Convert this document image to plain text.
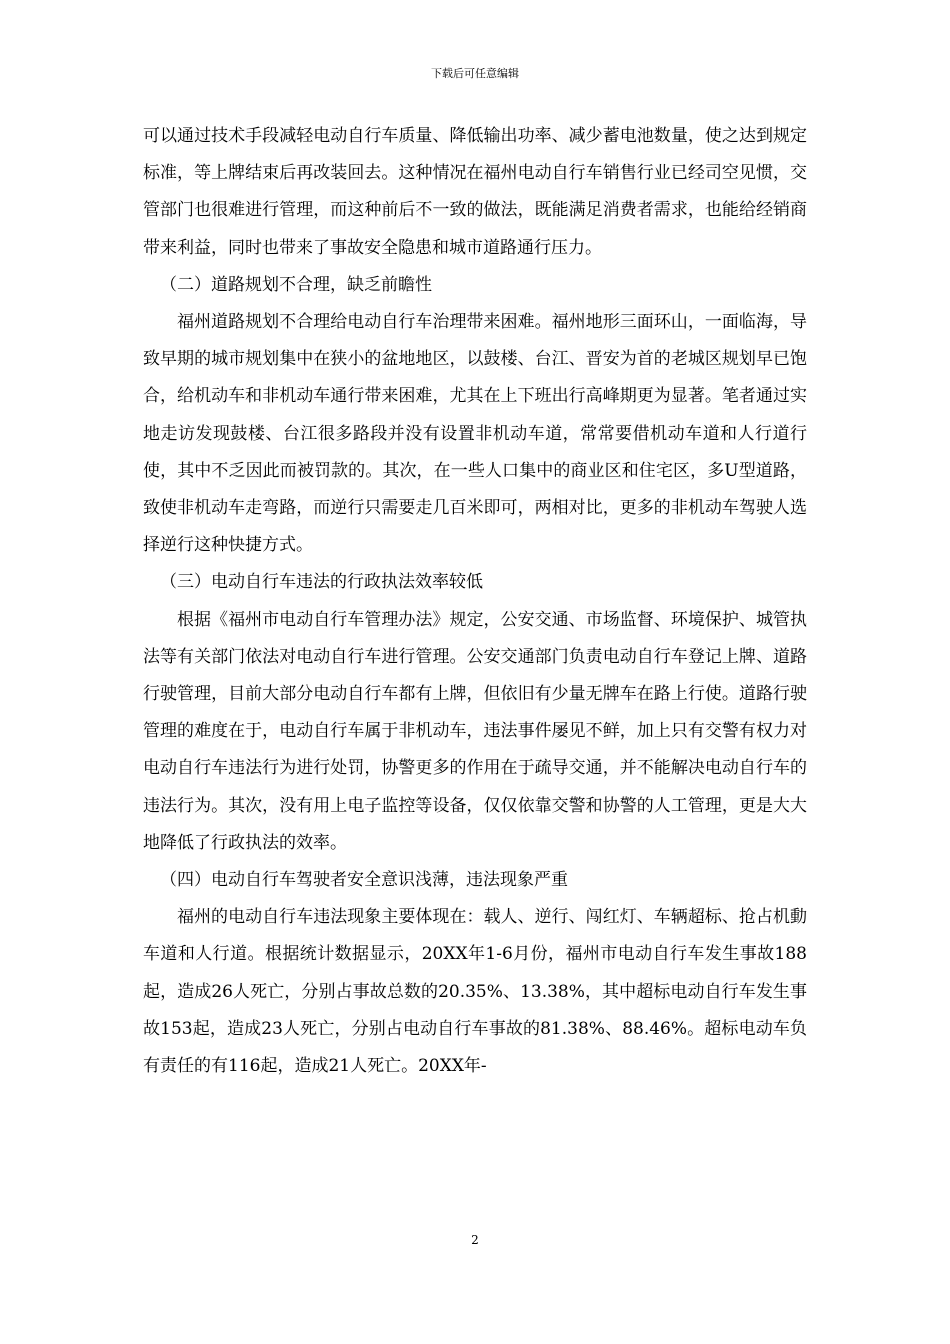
下载后可任意编辑

可以通过技术手段减轻电动自行车质量、降低输出功率、减少蓄电池数量，使之达到规定标准，等上牌结束后再改装回去。这种情况在福州电动自行车销售行业已经司空见惯，交管部门也很难进行管理，而这种前后不一致的做法，既能满足消费者需求，也能给经销商带来利益，同时也带来了事故安全隐患和城市道路通行压力。

（二）道路规划不合理，缺乏前瞻性

福州道路规划不合理给电动自行车治理带来困难。福州地形三面环山，一面临海，导致早期的城市规划集中在狭小的盆地地区，以鼓楼、台江、晋安为首的老城区规划早已饱合，给机动车和非机动车通行带来困难，尤其在上下班出行高峰期更为显著。笔者通过实地走访发现鼓楼、台江很多路段并没有设置非机动车道，常常要借机动车道和人行道行使，其中不乏因此而被罚款的。其次，在一些人口集中的商业区和住宅区，多U型道路，致使非机动车走弯路，而逆行只需要走几百米即可，两相对比，更多的非机动车驾驶人选择逆行这种快捷方式。

（三）电动自行车违法的行政执法效率较低

根据《福州市电动自行车管理办法》规定，公安交通、市场监督、环境保护、城管执法等有关部门依法对电动自行车进行管理。公安交通部门负责电动自行车登记上牌、道路行驶管理，目前大部分电动自行车都有上牌，但依旧有少量无牌车在路上行使。道路行驶管理的难度在于，电动自行车属于非机动车，违法事件屡见不鲜，加上只有交警有权力对电动自行车违法行为进行处罚，协警更多的作用在于疏导交通，并不能解决电动自行车的违法行为。其次，没有用上电子监控等设备，仅仅依靠交警和协警的人工管理，更是大大地降低了行政执法的效率。

（四）电动自行车驾驶者安全意识浅薄，违法现象严重

福州的电动自行车违法现象主要体现在：载人、逆行、闯红灯、车辆超标、抢占机動车道和人行道。根据统计数据显示，20XX年1-6月份，福州市电动自行车发生事故188起，造成26人死亡，分别占事故总数的20.35%、13.38%，其中超标电动自行车发生事故153起，造成23人死亡，分别占电动自行车事故的81.38%、88.46%。超标电动车负有责任的有116起，造成21人死亡。20XX年-

2
